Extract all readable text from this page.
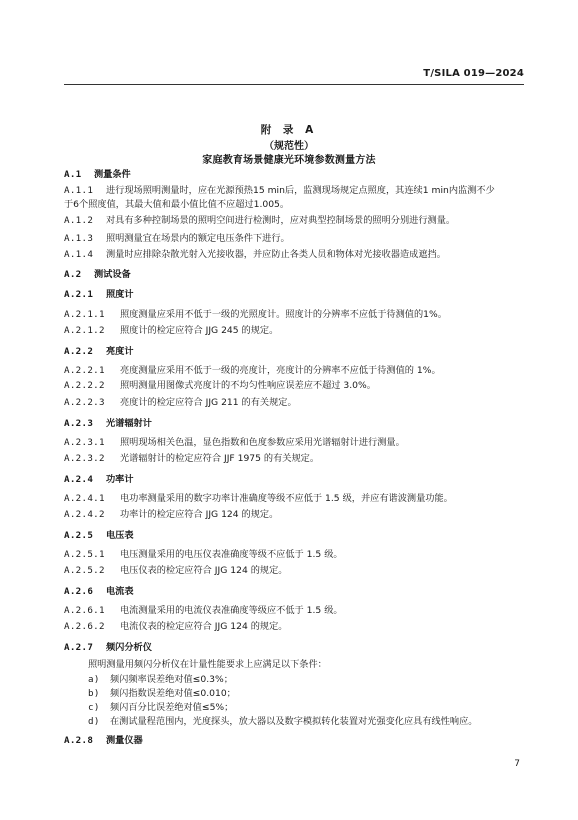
T/SILA 019—2024
附 录 A
（规范性）
家庭教育场景健康光环境参数测量方法
A.1 测量条件
A.1.1 进行现场照明测量时，应在光源预热15 min后，监测现场规定点照度，其连续1 min内监测不少
于6个照度值，其最大值和最小值比值不应超过1.005。
A.1.2 对具有多种控制场景的照明空间进行检测时，应对典型控制场景的照明分别进行测量。
A.1.3 照明测量宜在场景内的额定电压条件下进行。
A.1.4 测量时应排除杂散光射入光接收器，并应防止各类人员和物体对光接收器造成遮挡。
A.2 测试设备
A.2.1 照度计
A.2.1.1 照度测量应采用不低于一级的光照度计。照度计的分辨率不应低于待测值的1%。
A.2.1.2 照度计的检定应符合 JJG 245 的规定。
A.2.2 亮度计
A.2.2.1 亮度测量应采用不低于一级的亮度计，亮度计的分辨率不应低于待测值的 1%。
A.2.2.2 照明测量用图像式亮度计的不均匀性响应误差应不超过 3.0%。
A.2.2.3 亮度计的检定应符合 JJG 211 的有关规定。
A.2.3 光谱辐射计
A.2.3.1 照明现场相关色温，显色指数和色度参数应采用光谱辐射计进行测量。
A.2.3.2 光谱辐射计的检定应符合 JJF 1975 的有关规定。
A.2.4 功率计
A.2.4.1 电功率测量采用的数字功率计准确度等级不应低于 1.5 级，并应有谐波测量功能。
A.2.4.2 功率计的检定应符合 JJG 124 的规定。
A.2.5 电压表
A.2.5.1 电压测量采用的电压仪表准确度等级不应低于 1.5 级。
A.2.5.2 电压仪表的检定应符合 JJG 124 的规定。
A.2.6 电流表
A.2.6.1 电流测量采用的电流仪表准确度等级应不低于 1.5 级。
A.2.6.2 电流仪表的检定应符合 JJG 124 的规定。
A.2.7 频闪分析仪
照明测量用频闪分析仪在计量性能要求上应满足以下条件：
a) 频闪频率误差绝对值≤0.3%；
b) 频闪指数误差绝对值≤0.010；
c) 频闪百分比误差绝对值≤5%；
d) 在测试量程范围内，光度探头，放大器以及数字模拟转化装置对光强变化应具有线性响应。
A.2.8 测量仪器
7
